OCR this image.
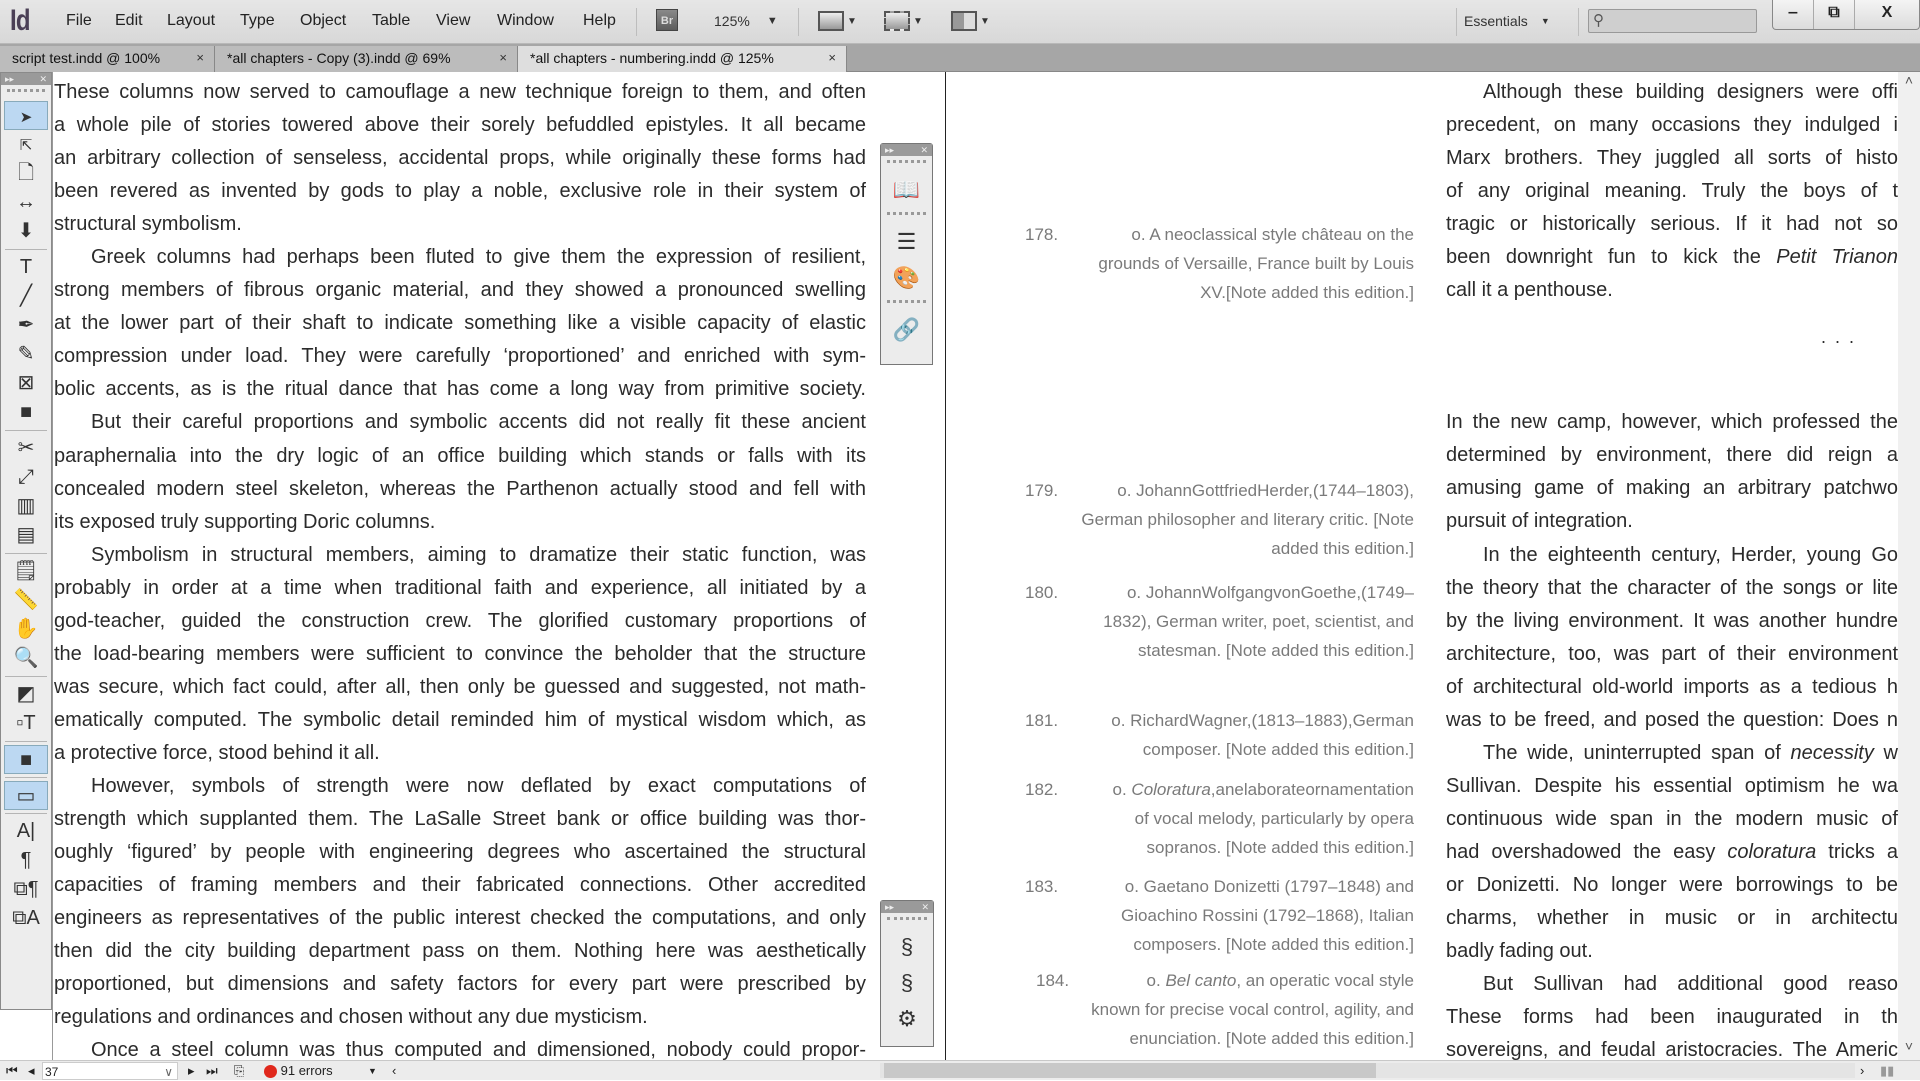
Id	Br	125% ▼	▼	▼	▼	Essentials ▼	⚲	‒	⧉	X
File Edit Layout Type Object Table View Window Help
script test.indd @ 100%	×	*all chapters - Copy (3).indd @ 69%	×	*all chapters - numbering.indd @ 125%	×
▸▸	✕
➤
⇱
🗋
↔
⬇
T
╱
✒
✎
⊠
■
✂
⤢
▥
▤
🗒
📏
✋
🔍
◩
▫T
■
▭
A|
¶
⧉¶
⧉A
These columns now served to camouflage a new technique foreign to them, and often
a whole pile of stories towered above their sorely befuddled epistyles. It all became
an arbitrary collection of senseless, accidental props, while originally these forms had
been revered as invented by gods to play a noble, exclusive role in their system of
structural symbolism.
Greek columns had perhaps been fluted to give them the expression of resilient,
strong members of fibrous organic material, and they showed a pronounced swelling
at the lower part of their shaft to indicate something like a visible capacity of elastic
compression under load. They were carefully ‘proportioned’ and enriched with sym-
bolic accents, as is the ritual dance that has come a long way from primitive society.
But their careful proportions and symbolic accents did not really fit these ancient
paraphernalia into the dry logic of an office building which stands or falls with its
concealed modern steel skeleton, whereas the Parthenon actually stood and fell with
its exposed truly supporting Doric columns.
Symbolism in structural members, aiming to dramatize their static function, was
probably in order at a time when traditional faith and experience, all initiated by a
god-teacher, guided the construction crew. The glorified customary proportions of
the load-bearing members were sufficient to convince the beholder that the structure
was secure, which fact could, after all, then only be guessed and suggested, not math-
ematically computed. The symbolic detail reminded him of mystical wisdom which, as
a protective force, stood behind it all.
However, symbols of strength were now deflated by exact computations of
strength which supplanted them. The LaSalle Street bank or office building was thor-
oughly ‘figured’ by people with engineering degrees who ascertained the structural
capacities of framing members and their fabricated connections. Other accredited
engineers as representatives of the public interest checked the computations, and only
then did the city building department pass on them. Nothing here was aesthetically
proportioned, but dimensions and safety factors for every part were prescribed by
regulations and ordinances and chosen without any due mysticism.
Once a steel column was thus computed and dimensioned, nobody could propor-
178.	o. A neoclassical style château on the
grounds of Versaille, France built by Louis
XV.[Note added this edition.]
179.	o. JohannGottfriedHerder,(1744–1803),
German philosopher and literary critic. [Note
added this edition.]
180.	o. JohannWolfgangvonGoethe,(1749–
1832), German writer, poet, scientist, and
statesman. [Note added this edition.]
181.	o. RichardWagner,(1813–1883),German
composer. [Note added this edition.]
182.	o. Coloratura,anelaborateornamentation
of vocal melody, particularly by opera
sopranos. [Note added this edition.]
183.	o. Gaetano Donizetti (1797–1848) and
Gioachino Rossini (1792–1868), Italian
composers. [Note added this edition.]
184.	o. Bel canto, an operatic vocal style
known for precise vocal control, agility, and
enunciation. [Note added this edition.]
Although these building designers were offi
precedent, on many occasions they indulged i
Marx brothers. They juggled all sorts of histo
of any original meaning. Truly the boys of t
tragic or historically serious. If it had not so
been downright fun to kick the Petit Trianon
call it a penthouse.
. . .
In the new camp, however, which professed the
determined by environment, there did reign a
amusing game of making an arbitrary patchwo
pursuit of integration.
In the eighteenth century, Herder, young Go
the theory that the character of the songs or lite
by the living environment. It was another hundre
architecture, too, was part of their environment
of architectural old-world imports as a tedious h
was to be freed, and posed the question: Does n
The wide, uninterrupted span of necessity w
Sullivan. Despite his essential optimism he wa
continuous wide span in the modern music of
had overshadowed the easy coloratura tricks a
or Donizetti. No longer were borrowings to be
charms, whether in music or in architectu
badly fading out.
But Sullivan had additional good reaso
These forms had been inaugurated in th
sovereigns, and feudal aristocracies. The Americ
˄
˅
▸▸	✕
📖
☰
🎨
🔗
▸▸	✕
§
§
⚙
⏮ ◂ 37	∨ ▸ ⏭ ⎘	91 errors	▼ ‹	› ▮▮
